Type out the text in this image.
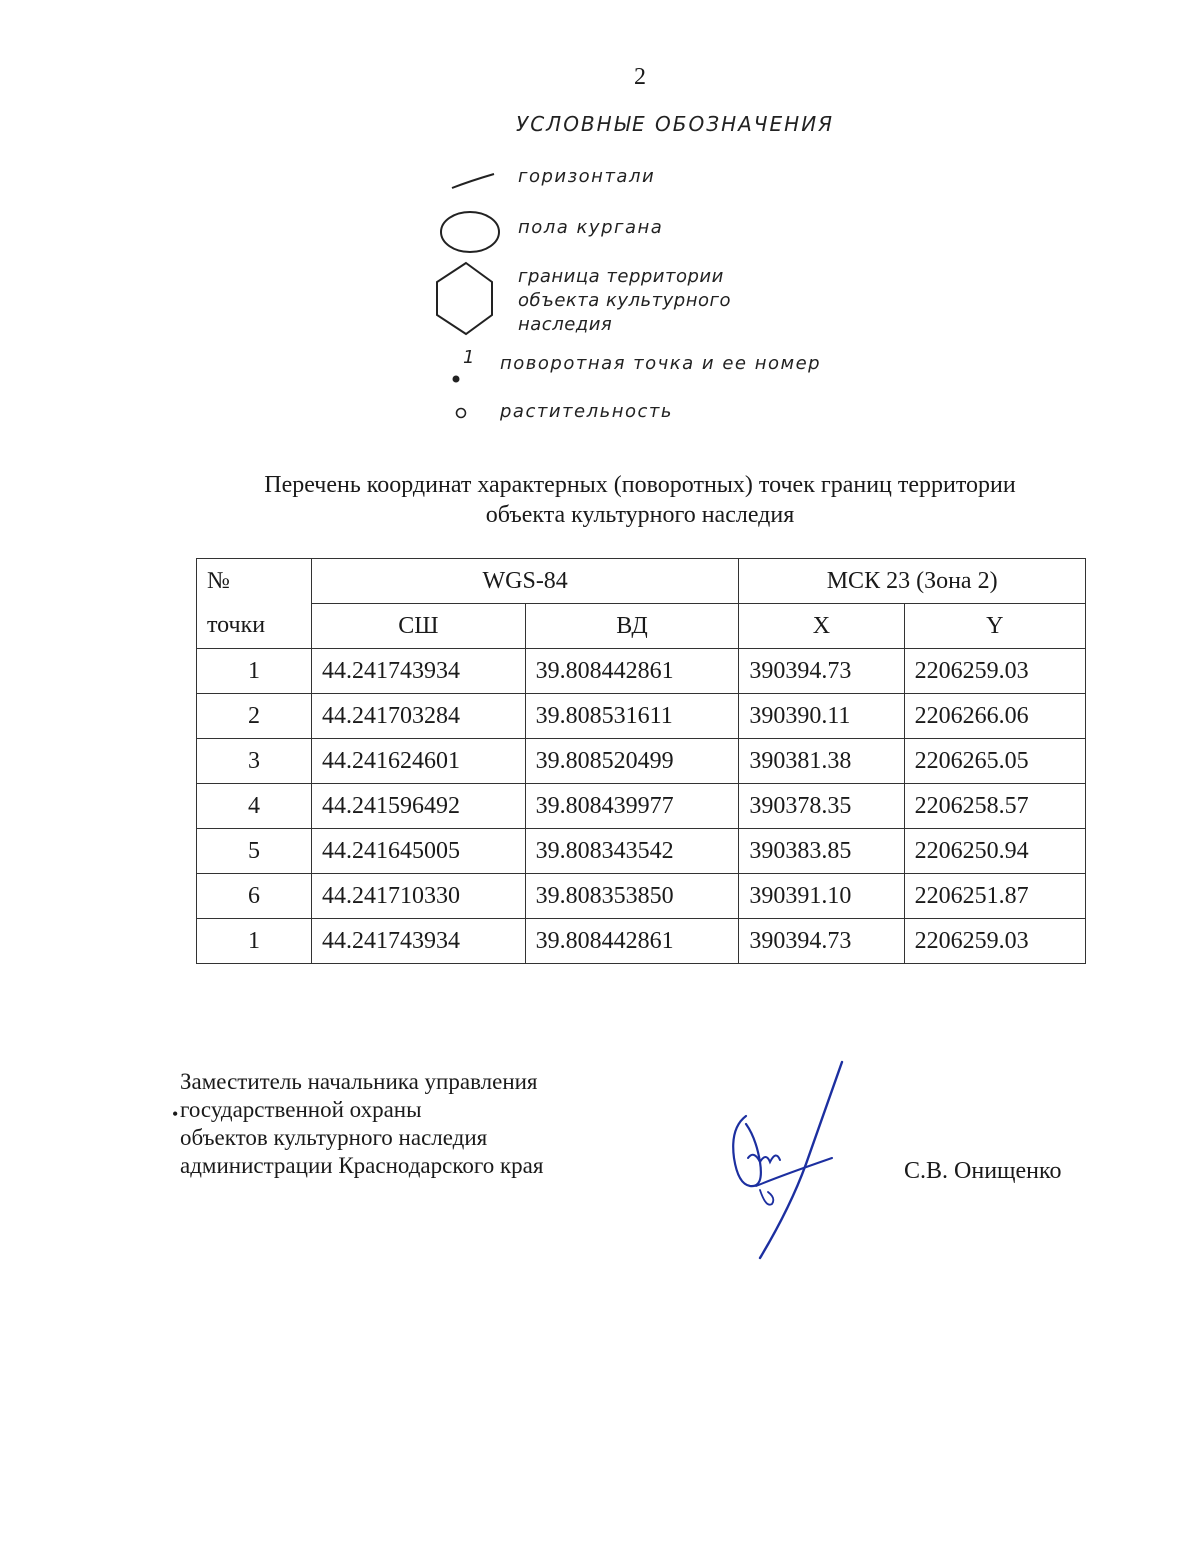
2
УСЛОВНЫЕ ОБОЗНАЧЕНИЯ
горизонтали
пола кургана
граница территории
объекта культурного
наследия
1 поворотная точка и ее номер
растительность
Перечень координат характерных (поворотных) точек границ территории
объекта культурного наследия
№	WGS-84		МСК 23 (Зона 2)	
точки	СШ	ВД	X	Y
1	44.241743934	39.808442861	390394.73	2206259.03
2	44.241703284	39.808531611	390390.11	2206266.06
3	44.241624601	39.808520499	390381.38	2206265.05
4	44.241596492	39.808439977	390378.35	2206258.57
5	44.241645005	39.808343542	390383.85	2206250.94
6	44.241710330	39.808353850	390391.10	2206251.87
1	44.241743934	39.808442861	390394.73	2206259.03
•
Заместитель начальника управления
государственной охраны
объектов культурного наследия
администрации Краснодарского края	С.В. Онищенко
